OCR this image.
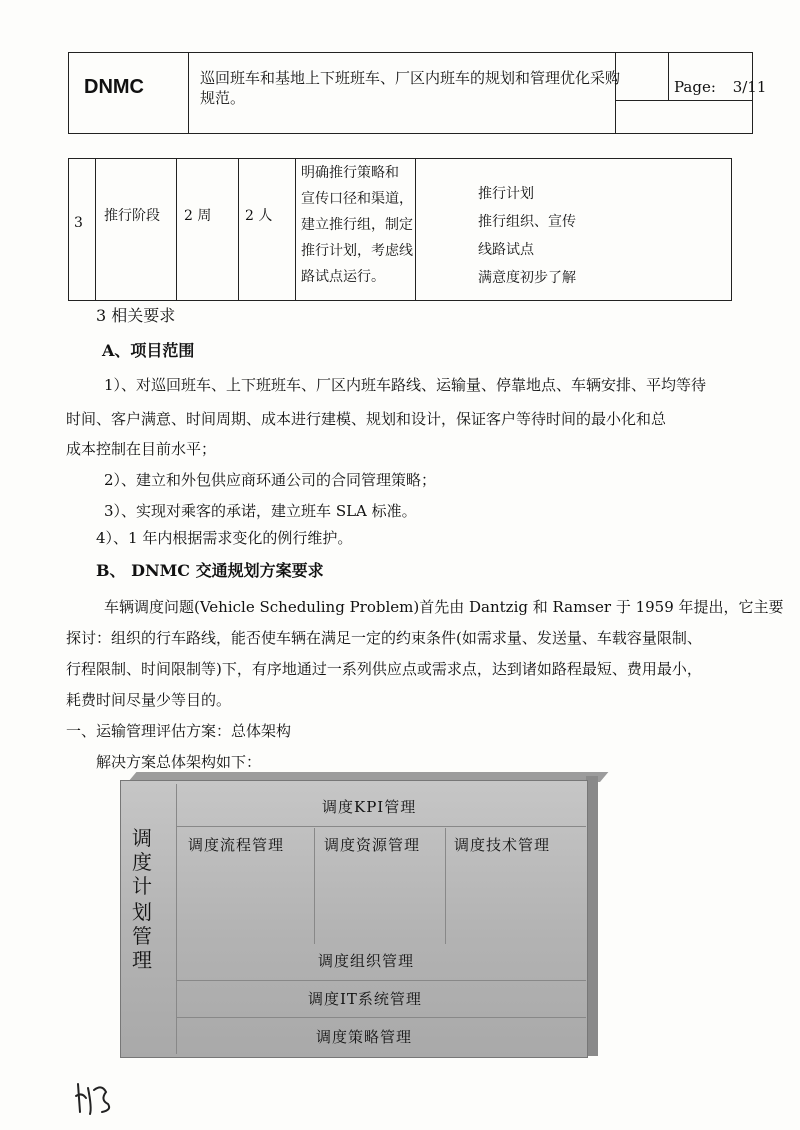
DNMC	巡回班车和基地上下班班车、厂区内班车的规划和管理优化采购规范。
Page: 3/11
3 推行阶段 2 周 2 人
明确推行策略和
宣传口径和渠道，
建立推行组，制定
推行计划，考虑线
路试点运行。
推行计划
推行组织、宣传
线路试点
满意度初步了解
3 相关要求
A、项目范围
1）、对巡回班车、上下班班车、厂区内班车路线、运输量、停靠地点、车辆安排、平均等待
时间、客户满意、时间周期、成本进行建模、规划和设计，保证客户等待时间的最小化和总
成本控制在目前水平；
2）、建立和外包供应商环通公司的合同管理策略；
3）、实现对乘客的承诺，建立班车 SLA 标准。
4）、1 年内根据需求变化的例行维护。
B、 DNMC 交通规划方案要求
车辆调度问题(Vehicle Scheduling Problem)首先由 Dantzig 和 Ramser 于 1959 年提出，它主要
探讨：组织的行车路线，能否使车辆在满足一定的约束条件(如需求量、发送量、车载容量限制、
行程限制、时间限制等)下，有序地通过一系列供应点或需求点，达到诸如路程最短、费用最小，
耗费时间尽量少等目的。
一、运输管理评估方案：总体架构
解决方案总体架构如下：
调度KPI管理
调度流程管理	调度资源管理 调度技术管理
调度组织管理
调度IT系统管理
调度策略管理
调
度
计
划
管
理
